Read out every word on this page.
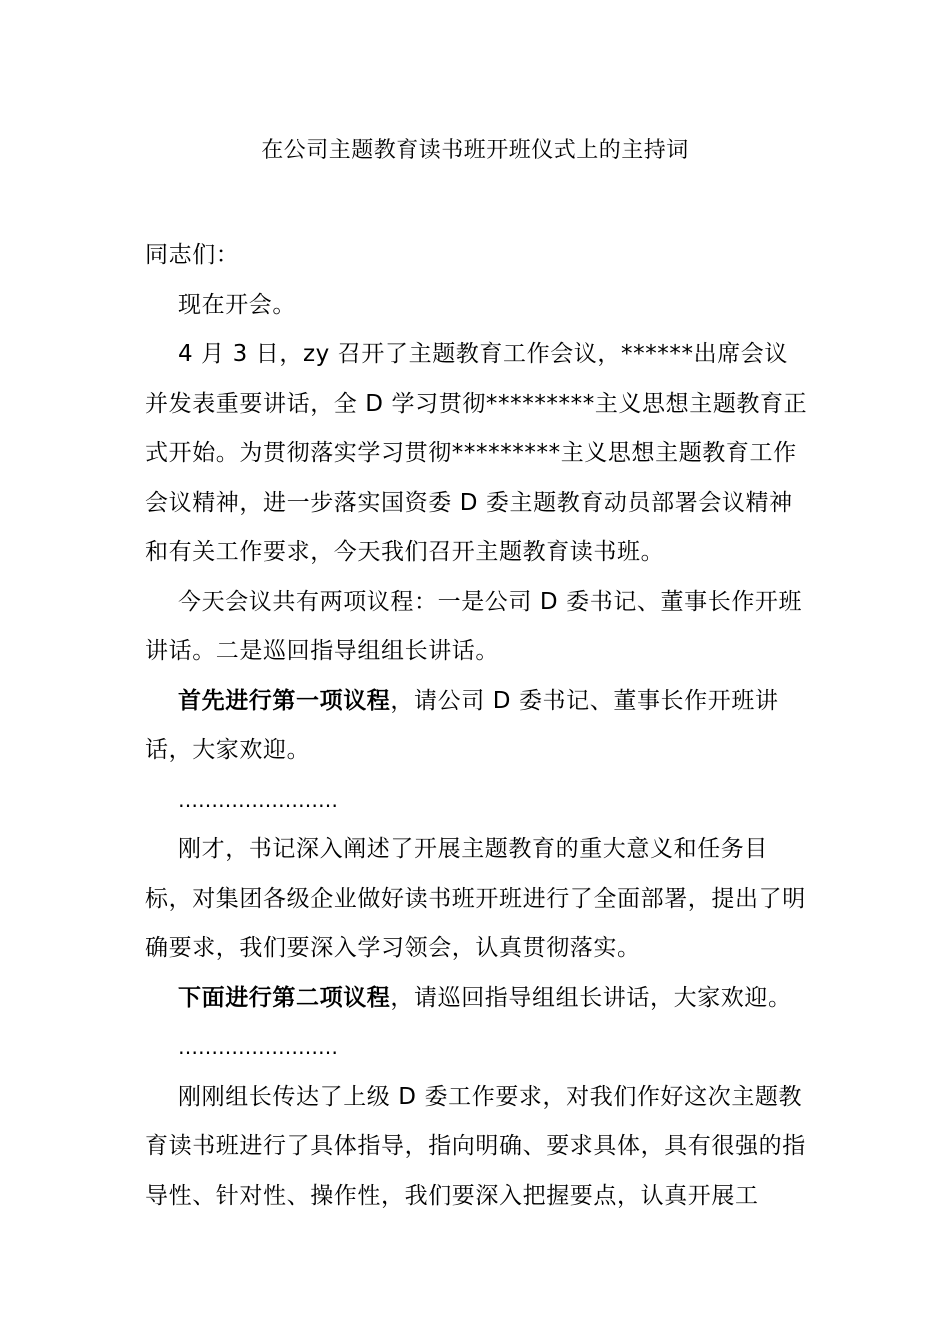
在公司主题教育读书班开班仪式上的主持词

同志们：

现在开会。

4 月 3 日，zy 召开了主题教育工作会议，******出席会议并发表重要讲话，全 D 学习贯彻*********主义思想主题教育正式开始。为贯彻落实学习贯彻*********主义思想主题教育工作会议精神，进一步落实国资委 D 委主题教育动员部署会议精神和有关工作要求，今天我们召开主题教育读书班。

今天会议共有两项议程：一是公司 D 委书记、董事长作开班讲话。二是巡回指导组组长讲话。

首先进行第一项议程，请公司 D 委书记、董事长作开班讲话，大家欢迎。

……………………

刚才，书记深入阐述了开展主题教育的重大意义和任务目标，对集团各级企业做好读书班开班进行了全面部署，提出了明确要求，我们要深入学习领会，认真贯彻落实。

下面进行第二项议程，请巡回指导组组长讲话，大家欢迎。

……………………

刚刚组长传达了上级 D 委工作要求，对我们作好这次主题教育读书班进行了具体指导，指向明确、要求具体，具有很强的指导性、针对性、操作性，我们要深入把握要点，认真开展工
